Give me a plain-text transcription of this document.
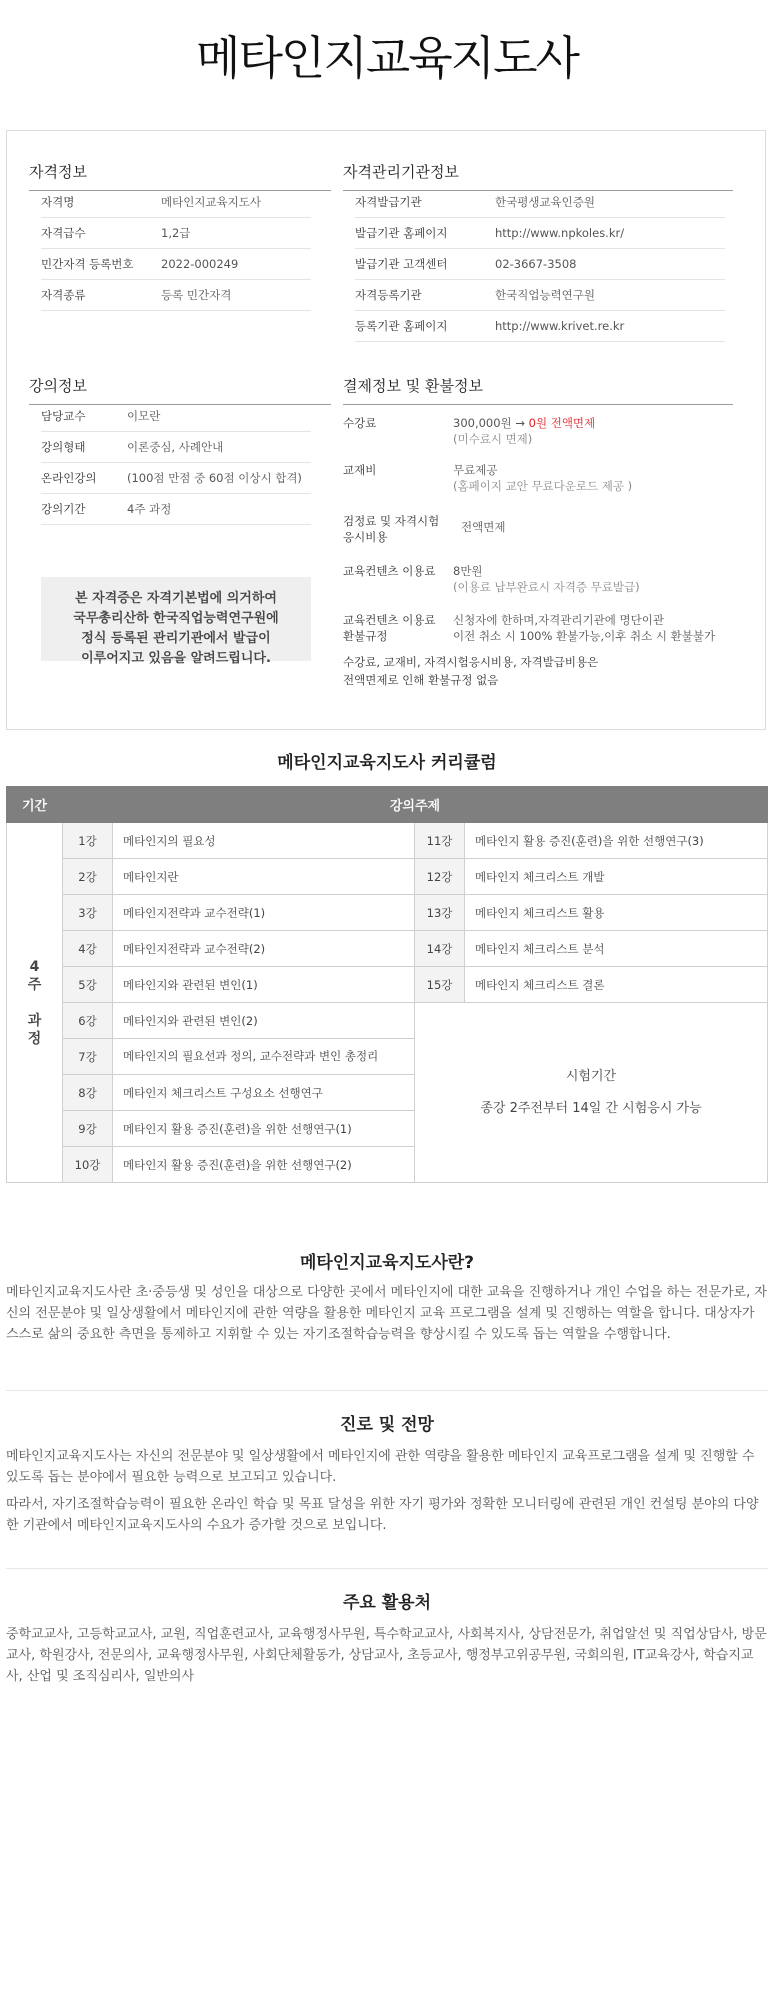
메타인지교육지도사
자격정보
자격명	메타인지교육지도사
자격급수	1,2급
민간자격 등록번호 2022-000249
자격종류	등록 민간자격
자격관리기관정보
자격발급기관	한국평생교육인증원
발급기관 홈페이지	http://www.npkoles.kr/
발급기관 고객센터	02-3667-3508
자격등록기관	한국직업능력연구원
등록기관 홈페이지	http://www.krivet.re.kr
강의정보
담당교수	이모란
강의형태	이론중심, 사례안내
온라인강의	(100점 만점 중 60점 이상시 합격)
강의기간	4주 과정
본 자격증은 자격기본법에 의거하여
국무총리산하 한국직업능력연구원에
정식 등록된 관리기관에서 발급이
이루어지고 있음을 알려드립니다.
결제정보 및 환불정보
수강료	300,000원 → 0원 전액면제
(미수료시 면제)
교재비	무료제공
(홈페이지 교안 무료다운로드 제공 )
검정료 및 자격시험
응시비용
전액면제
교육컨텐츠 이용료 8만원
(이용료 납부완료시 자격증 무료발급)
교육컨텐츠 이용료
환불규정
신청자에 한하며,자격관리기관에 명단이관
이전 취소 시 100% 환불가능,이후 취소 시 환불불가
수강료, 교재비, 자격시험응시비용, 자격발급비용은
전액면제로 인해 환불규정 없음
메타인지교육지도사 커리큘럼
기간	강의주제			

4
주

과
정	1강	메타인지의 필요성	11강	메타인지 활용 증진(훈련)을 위한 선행연구(3)
	2강	메타인지란	12강	메타인지 체크리스트 개발
	3강	메타인지전략과 교수전략(1)	13강	메타인지 체크리스트 활용
	4강	메타인지전략과 교수전략(2)	14강	메타인지 체크리스트 분석
	5강	메타인지와 관련된 변인(1)	15강	메타인지 체크리스트 결론
	6강	메타인지와 관련된 변인(2)	시험기간
종강 2주전부터 14일 간 시험응시 가능	

	7강	메타인지의 필요선과 정의, 교수전략과 변인 총정리		
	8강	메타인지 체크리스트 구성요소 선행연구		
	9강	메타인지 활용 증진(훈련)을 위한 선행연구(1)		
	10강	메타인지 활용 증진(훈련)을 위한 선행연구(2)		
메타인지교육지도사란?
메타인지교육지도사란 초·중등생 및 성인을 대상으로 다양한 곳에서 메타인지에 대한 교육을 진행하거나 개인 수업을 하는 전문가로, 자신의 전문분야 및 일상생활에서 메타인지에 관한 역량을 활용한 메타인지 교육 프로그램을 설계 및 진행하는 역할을 합니다. 대상자가 스스로 삶의 중요한 측면을 통제하고 지휘할 수 있는 자기조절학습능력을 향상시킬 수 있도록 돕는 역할을 수행합니다.
진로 및 전망
메타인지교육지도사는 자신의 전문분야 및 일상생활에서 메타인지에 관한 역량을 활용한 메타인지 교육프로그램을 설계 및 진행할 수 있도록 돕는 분야에서 필요한 능력으로 보고되고 있습니다.
따라서, 자기조절학습능력이 필요한 온라인 학습 및 목표 달성을 위한 자기 평가와 정확한 모니터링에 관련된 개인 컨설팅 분야의 다양한 기관에서 메타인지교육지도사의 수요가 증가할 것으로 보입니다.
주요 활용처
중학교교사, 고등학교교사, 교원, 직업훈련교사, 교육행정사무원, 특수학교교사, 사회복지사, 상담전문가, 취업알선 및 직업상담사, 방문교사, 학원강사, 전문의사, 교육행정사무원, 사회단체활동가, 상담교사, 초등교사, 행정부고위공무원, 국회의원, IT교육강사, 학습지교사, 산업 및 조직심리사, 일반의사
